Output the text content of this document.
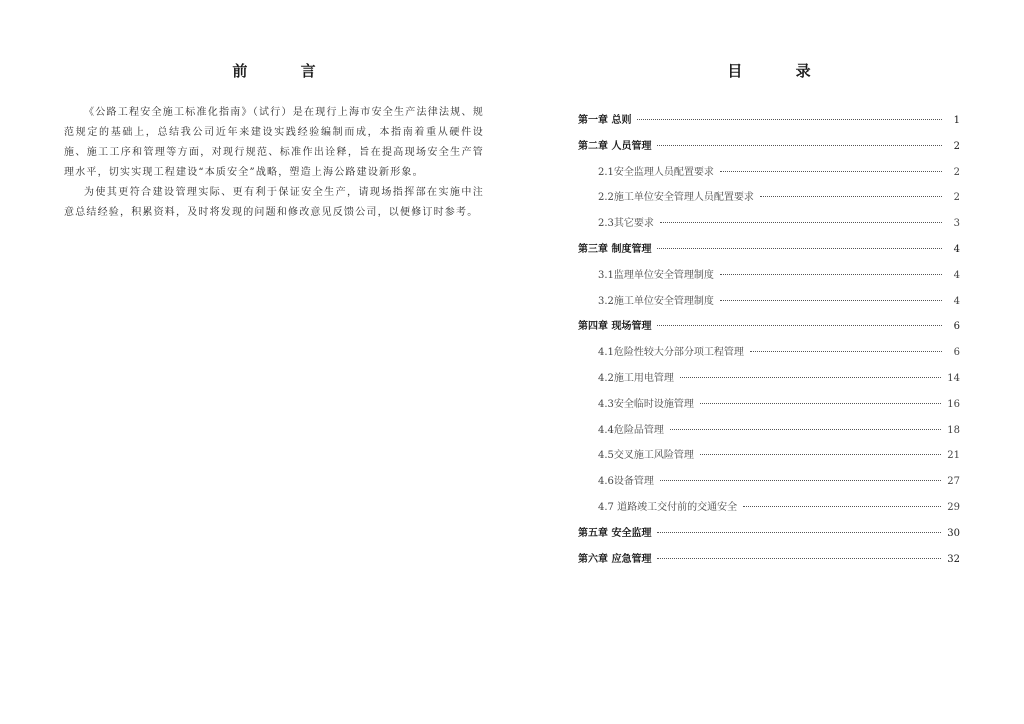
前 言

《公路工程安全施工标准化指南》（试行）是在现行上海市安全生产法律法规、规范规定的基础上，总结我公司近年来建设实践经验编制而成，本指南着重从硬件设施、施工工序和管理等方面，对现行规范、标准作出诠释，旨在提高现场安全生产管理水平，切实实现工程建设“本质安全”战略，塑造上海公路建设新形象。

为使其更符合建设管理实际、更有利于保证安全生产，请现场指挥部在实施中注意总结经验，积累资料，及时将发现的问题和修改意见反馈公司，以便修订时参考。

目 录
第一章 总则	1
第二章 人员管理	2
2.1安全监理人员配置要求	2
2.2施工单位安全管理人员配置要求	2
2.3其它要求	3
第三章 制度管理	4
3.1监理单位安全管理制度	4
3.2施工单位安全管理制度	4
第四章 现场管理	6
4.1危险性较大分部分项工程管理	6
4.2施工用电管理	14
4.3安全临时设施管理	16
4.4危险品管理	18
4.5交叉施工风险管理	21
4.6设备管理	27
4.7 道路竣工交付前的交通安全	29
第五章 安全监理	30
第六章 应急管理	32
